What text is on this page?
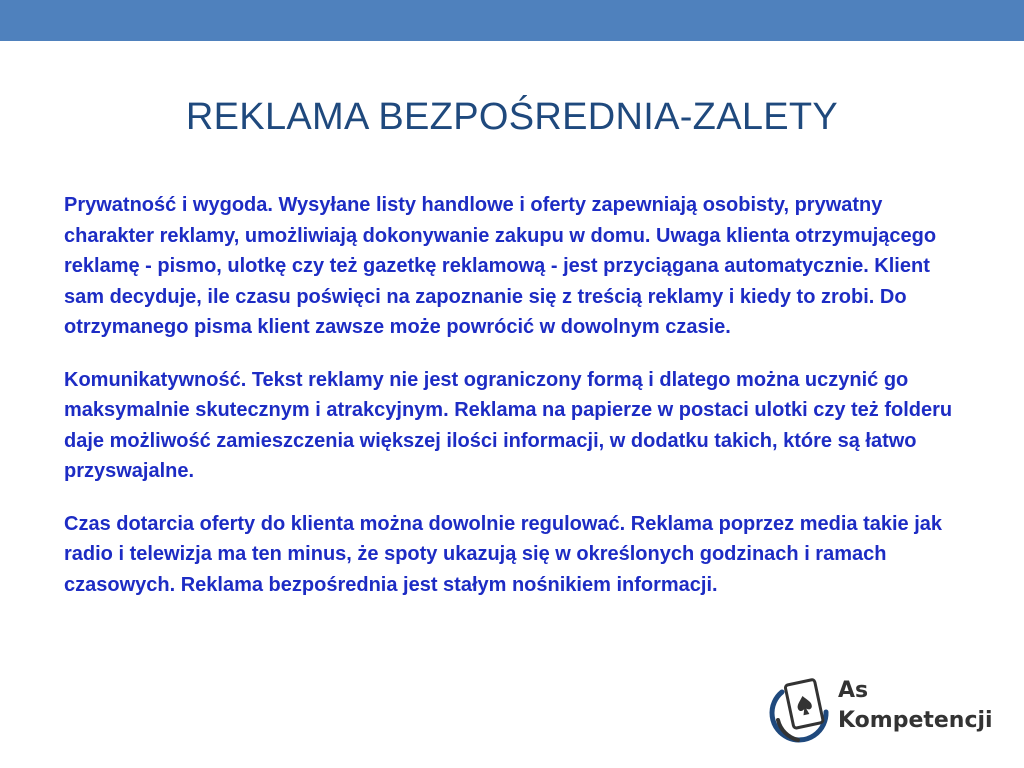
REKLAMA BEZPOŚREDNIA-ZALETY

Prywatność i wygoda. Wysyłane listy handlowe i oferty zapewniają osobisty, prywatny charakter reklamy, umożliwiają dokonywanie zakupu w domu. Uwaga klienta otrzymującego reklamę - pismo, ulotkę czy też gazetkę reklamową - jest przyciągana automatycznie. Klient sam decyduje, ile czasu poświęci na zapoznanie się z treścią reklamy i kiedy to zrobi. Do otrzymanego pisma klient zawsze może powrócić w dowolnym czasie.

Komunikatywność. Tekst reklamy nie jest ograniczony formą i dlatego można uczynić go maksymalnie skutecznym i atrakcyjnym. Reklama na papierze w postaci ulotki czy też folderu daje możliwość zamieszczenia większej ilości informacji, w dodatku takich, które są łatwo przyswajalne.

Czas dotarcia oferty do klienta można dowolnie regulować. Reklama poprzez media takie jak radio i telewizja ma ten minus, że spoty ukazują się w określonych godzinach i ramach czasowych. Reklama bezpośrednia jest stałym nośnikiem informacji.

As
Kompetencji
